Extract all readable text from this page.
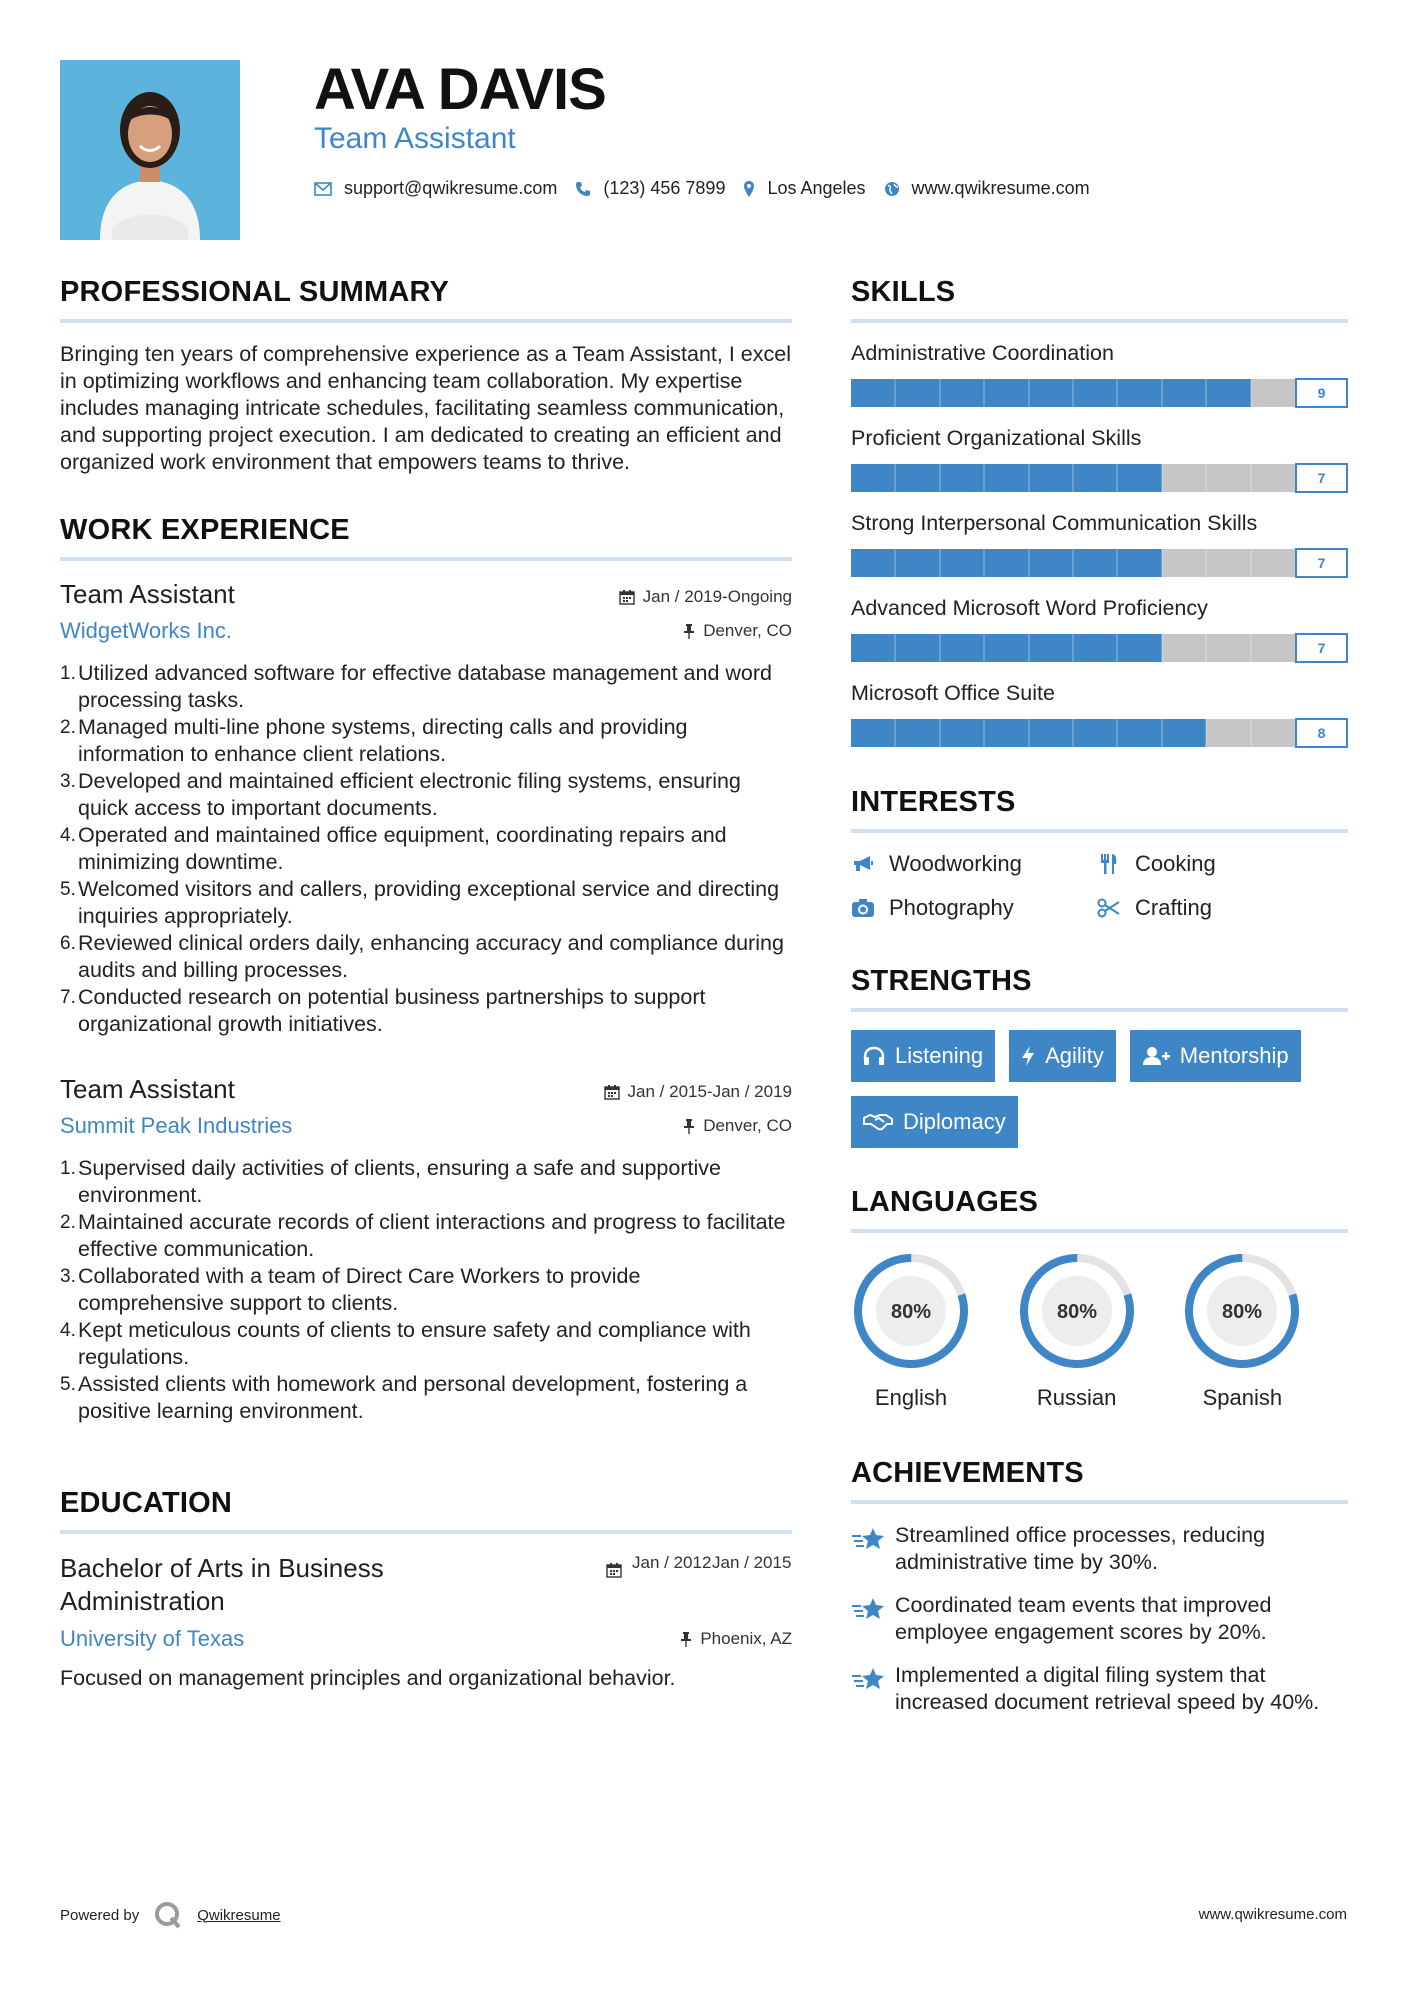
AVA DAVIS
Team Assistant
support@qwikresume.com	(123) 456 7899 Los Angeles	www.qwikresume.com
PROFESSIONAL SUMMARY

Bringing ten years of comprehensive experience as a Team Assistant, I excel in optimizing workflows and enhancing team collaboration. My expertise includes managing intricate schedules, facilitating seamless communication, and supporting project execution. I am dedicated to creating an efficient and organized work environment that empowers teams to thrive.

WORK EXPERIENCE
Team Assistant	Jan / 2019-Ongoing
WidgetWorks Inc.	Denver, CO
1. Utilized advanced software for effective database management and word processing tasks.
2. Managed multi-line phone systems, directing calls and providing information to enhance client relations.
3. Developed and maintained efficient electronic filing systems, ensuring quick access to important documents.
4. Operated and maintained office equipment, coordinating repairs and minimizing downtime.
5. Welcomed visitors and callers, providing exceptional service and directing inquiries appropriately.
6. Reviewed clinical orders daily, enhancing accuracy and compliance during audits and billing processes.
7. Conducted research on potential business partnerships to support organizational growth initiatives.
Team Assistant	Jan / 2015-Jan / 2019
Summit Peak Industries	Denver, CO
1. Supervised daily activities of clients, ensuring a safe and supportive environment.
2. Maintained accurate records of client interactions and progress to facilitate effective communication.
3. Collaborated with a team of Direct Care Workers to provide comprehensive support to clients.
4. Kept meticulous counts of clients to ensure safety and compliance with regulations.
5. Assisted clients with homework and personal development, fostering a positive learning environment.
EDUCATION
Bachelor of Arts in Business Administration
Jan / 2012 Jan / 2015
University of Texas	Phoenix, AZ

Focused on management principles and organizational behavior.

SKILLS
Administrative Coordination
9
Proficient Organizational Skills
7
Strong Interpersonal Communication Skills
7
Advanced Microsoft Word Proficiency
7
Microsoft Office Suite
8
INTERESTS
Woodworking	Cooking
Photography	Crafting
STRENGTHS
Listening	Agility	Mentorship
Diplomacy
LANGUAGES
80%
English
80%
Russian
80%
Spanish
ACHIEVEMENTS
Streamlined office processes, reducing administrative time by 30%.
Coordinated team events that improved employee engagement scores by 20%.
Implemented a digital filing system that increased document retrieval speed by 40%.
Powered by	Qwikresume	www.qwikresume.com
